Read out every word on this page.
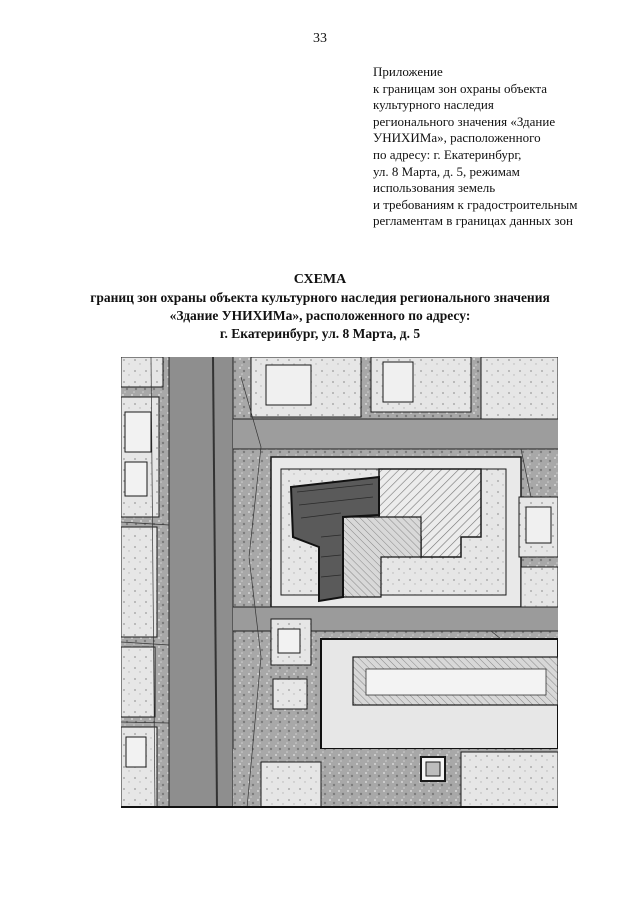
33
Приложение
к границам зон охраны объекта
культурного наследия
регионального значения «Здание
УНИХИМа», расположенного
по адресу: г. Екатеринбург,
ул. 8 Марта, д. 5, режимам
использования земель
и требованиям к градостроительным
регламентам в границах данных зон
СХЕМА
границ зон охраны объекта культурного наследия регионального значения
«Здание УНИХИМа», расположенного по адресу:
г. Екатеринбург, ул. 8 Марта, д. 5
